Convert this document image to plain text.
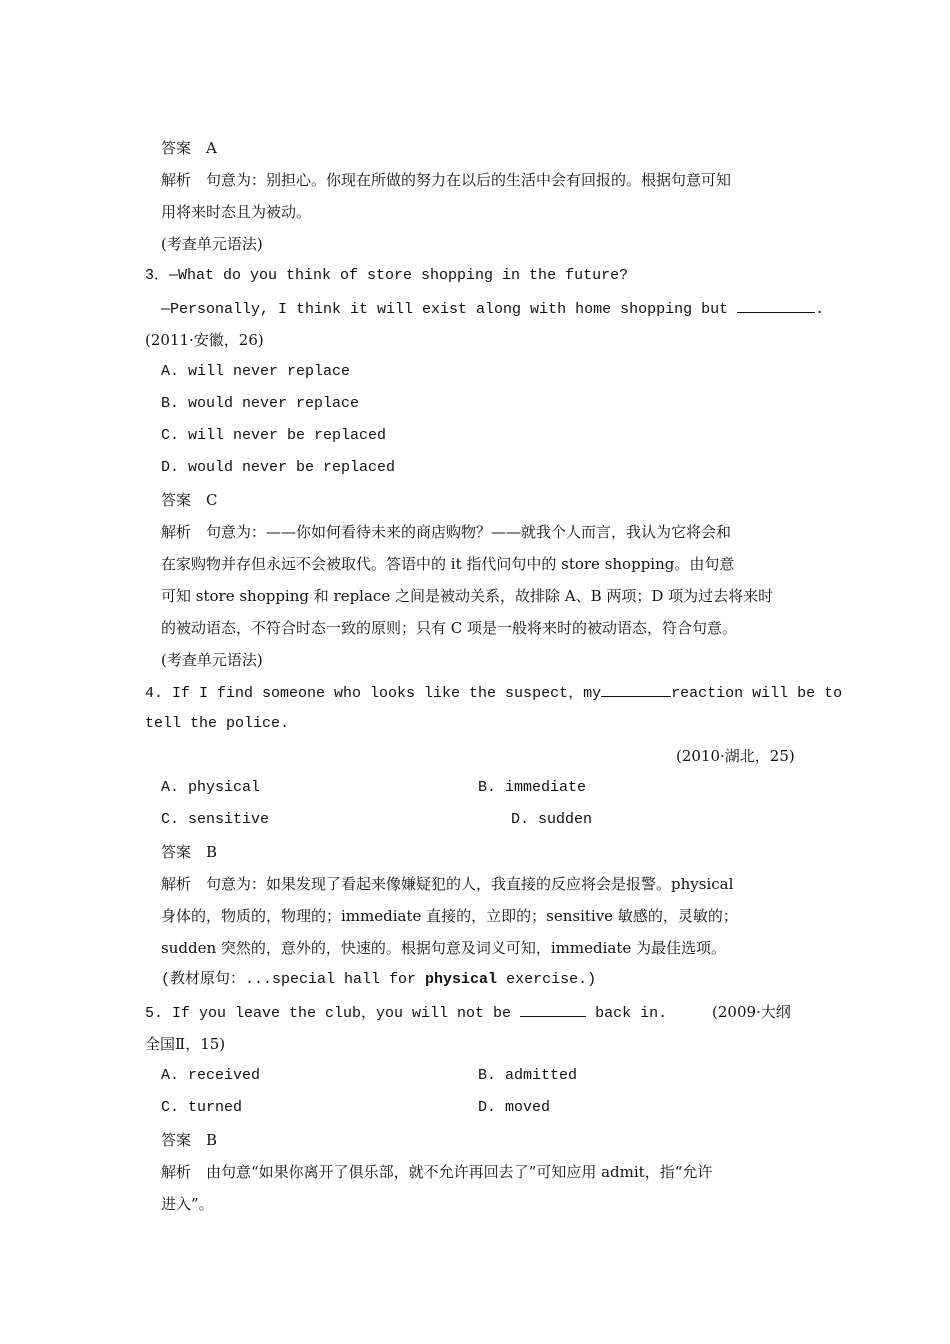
答案　A
解析　句意为：别担心。你现在所做的努力在以后的生活中会有回报的。根据句意可知
用将来时态且为被动。
(考查单元语法)
3．—What do you think of store shopping in the future?
—Personally, I think it will exist along with home shopping but	.
(2011·安徽，26)
A. will never replace
B. would never replace
C. will never be replaced
D. would never be replaced
答案　C
解析　句意为：——你如何看待未来的商店购物？——就我个人而言，我认为它将会和
在家购物并存但永远不会被取代。答语中的 it 指代问句中的 store shopping。由句意
可知 store shopping 和 replace 之间是被动关系，故排除 A、B 两项；D 项为过去将来时
的被动语态，不符合时态一致的原则；只有 C 项是一般将来时的被动语态，符合句意。
(考查单元语法)
4. If I find someone who looks like the suspect，my	reaction will be to
tell the police.
(2010·湖北，25)
A. physical	B. immediate
C. sensitive	D. sudden
答案　B
解析　句意为：如果发现了看起来像嫌疑犯的人，我直接的反应将会是报警。physical
身体的，物质的，物理的；immediate 直接的，立即的；sensitive 敏感的，灵敏的；
sudden 突然的，意外的，快速的。根据句意及词义可知，immediate 为最佳选项。
(教材原句：...special hall for physical exercise.)
5. If you leave the club，you will not be	back in.	(2009·大纲
全国Ⅱ，15)
A. received	B. admitted
C. turned	D. moved
答案　B
解析　由句意“如果你离开了俱乐部，就不允许再回去了”可知应用 admit，指“允许
进入”。
